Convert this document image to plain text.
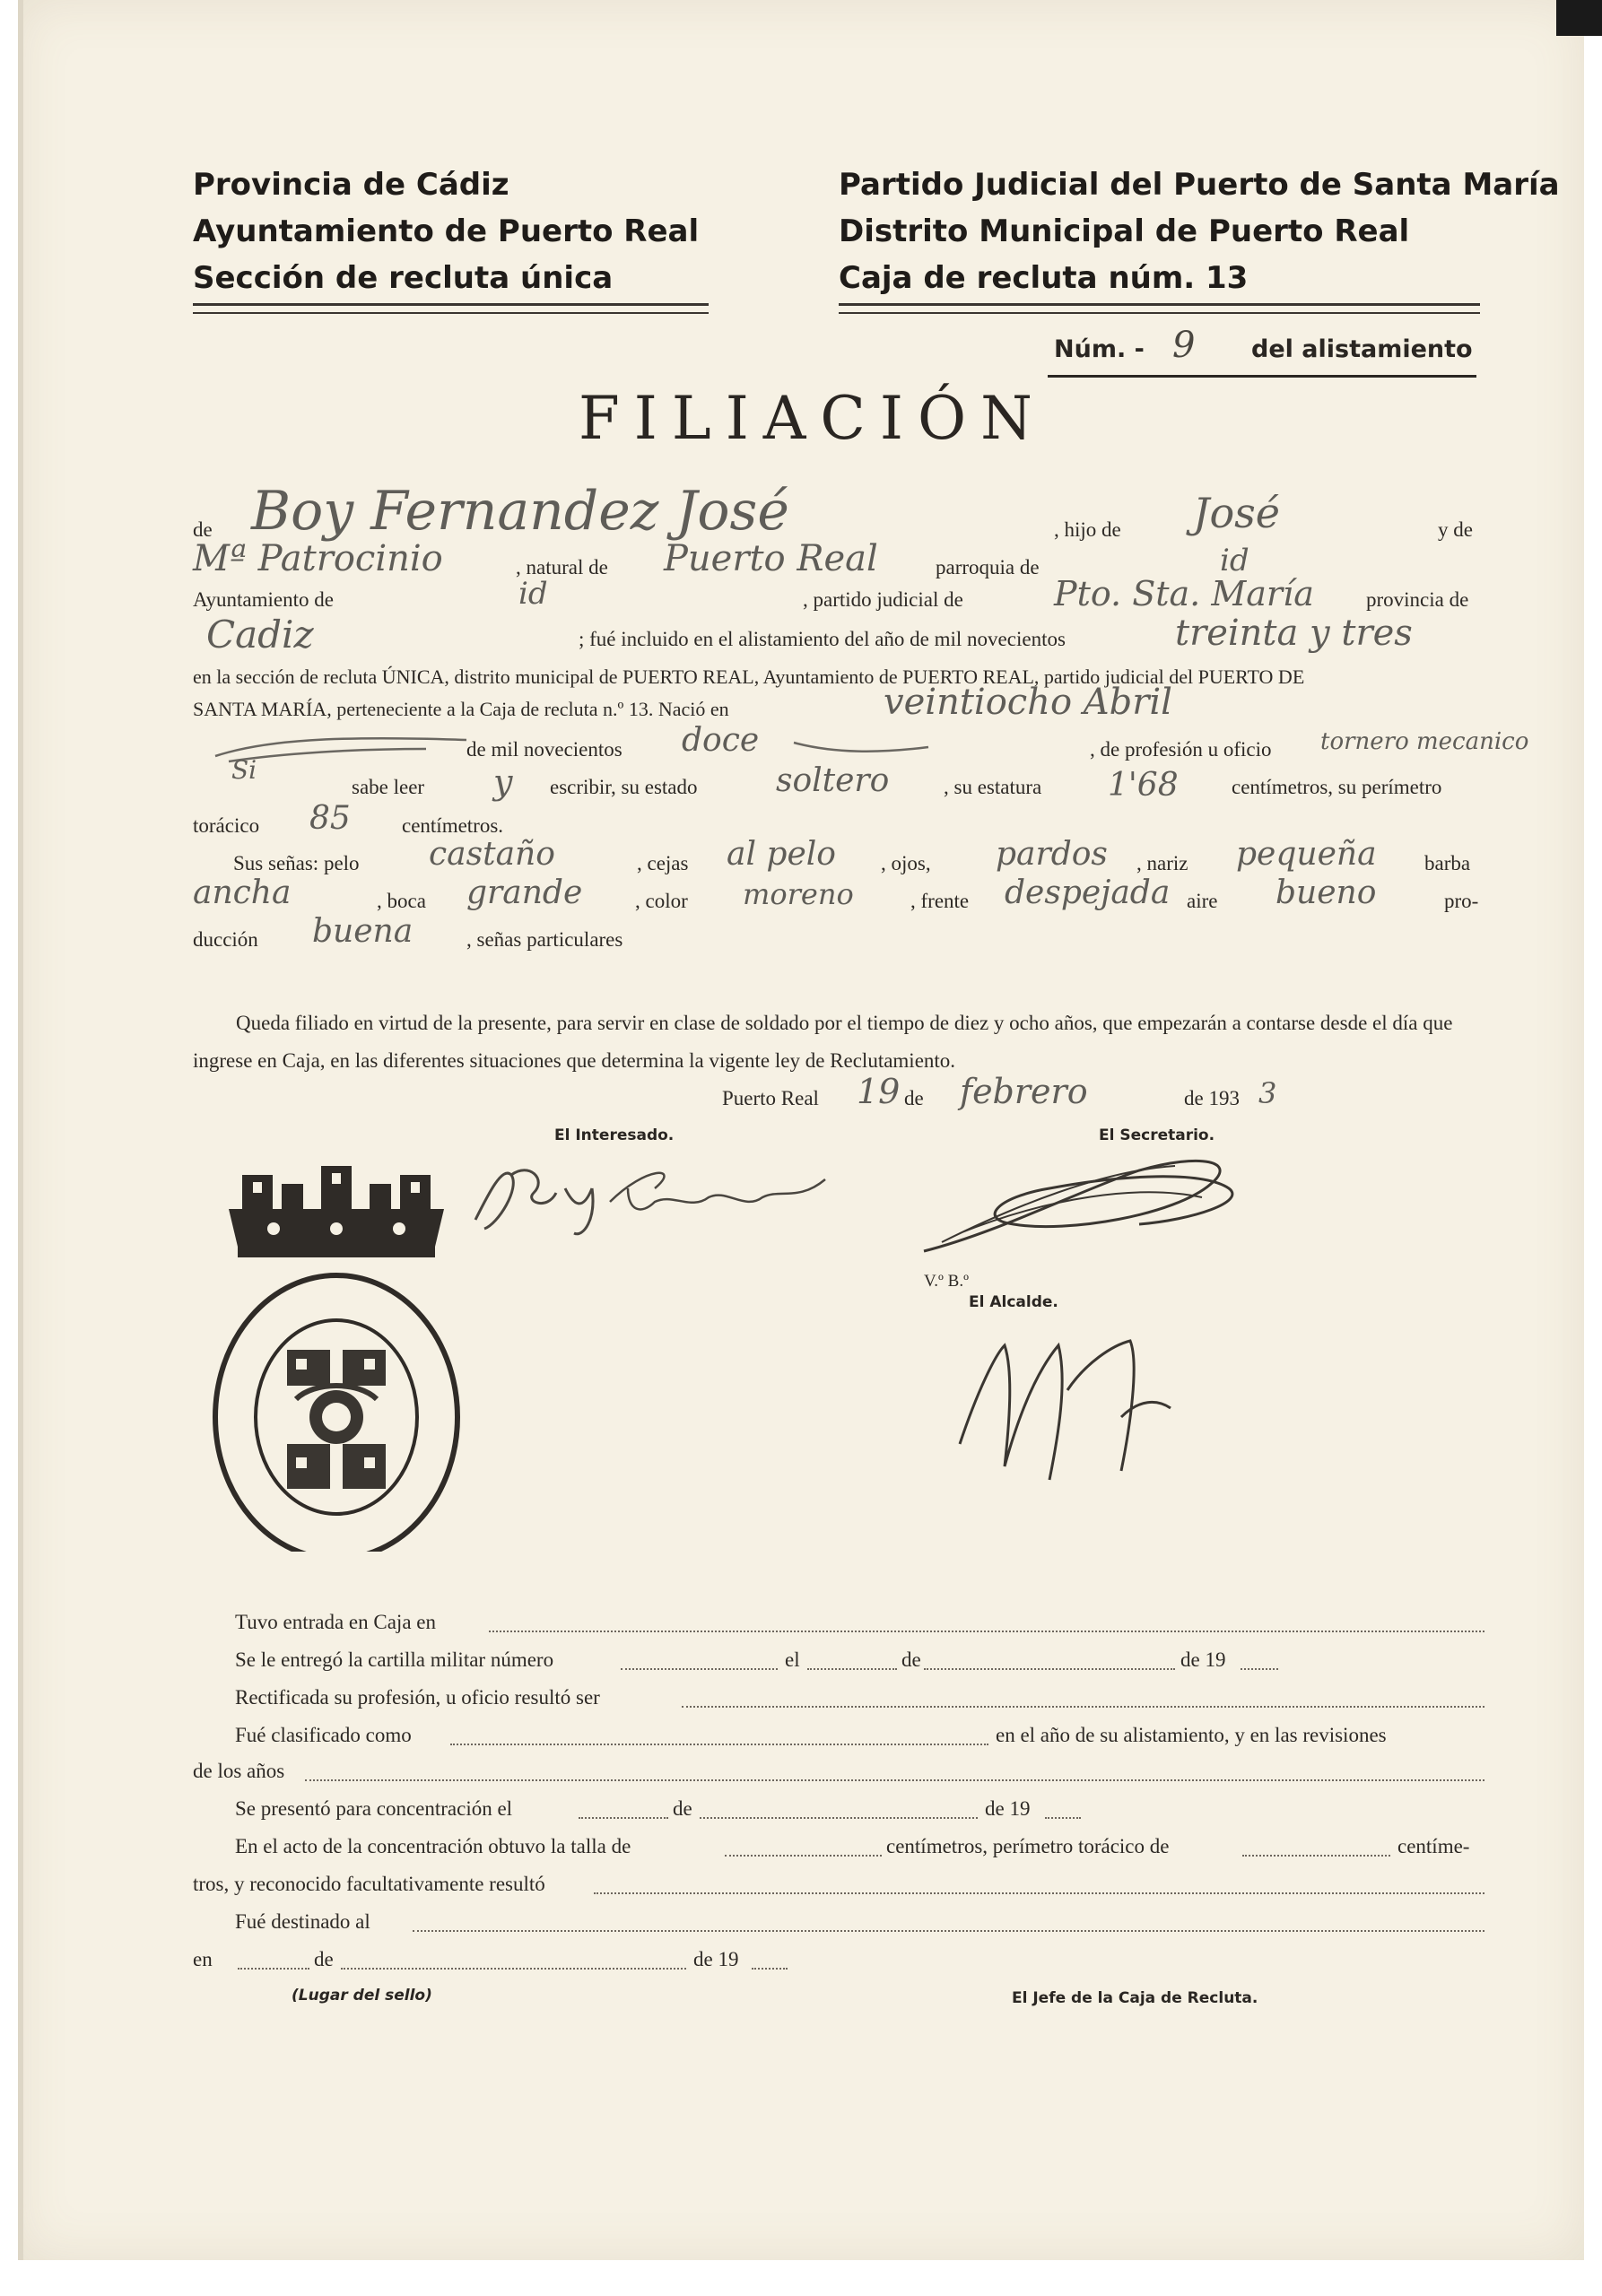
Provincia de Cádiz
Ayuntamiento de Puerto Real
Sección de recluta única
Partido Judicial del Puerto de Santa María
Distrito Municipal de Puerto Real
Caja de recluta núm. 13
Núm. - 9 del alistamiento
FILIACIÓN
de Boy Fernandez José	, hijo de José	y de
Mª Patrocinio	, natural de Puerto Real	parroquia de	id
Ayuntamiento de	id	, partido judicial de	Pto. Sta. María	provincia de
Cadiz	; fué incluido en el alistamiento del año de mil novecientos	treinta y tres
en la sección de recluta ÚNICA, distrito municipal de PUERTO REAL, Ayuntamiento de PUERTO REAL, partido judicial del PUERTO DE
SANTA MARÍA, perteneciente a la Caja de recluta n.º 13. Nació en	veintiocho Abril
de mil novecientos doce	, de profesión u oficio tornero mecanico
Si
sabe leer y escribir, su estado soltero	, su estatura 1'68	centímetros, su perímetro
torácico 85 centímetros.
Sus señas: pelo castaño	, cejas al pelo , ojos, pardos , nariz pequeña barba
ancha	, boca grande	, color moreno	, frente despejada aire bueno	pro-
ducción buena	, señas particulares
Queda filiado en virtud de la presente, para servir en clase de soldado por el tiempo de diez y ocho años, que empezarán a contarse desde el día que ingrese en Caja, en las diferentes situaciones que determina la vigente ley de Reclutamiento.
Puerto Real 19 de febrero	de 193 3
El Interesado.	El Secretario.
V.º B.º
El Alcalde.
Tuvo entrada en Caja en
Se le entregó la cartilla militar número	el	de	de 19
Rectificada su profesión, u oficio resultó ser
Fué clasificado como	en el año de su alistamiento, y en las revisiones
de los años
Se presentó para concentración el	de	de 19
En el acto de la concentración obtuvo la talla de	centímetros, perímetro torácico de	centíme-
tros, y reconocido facultativamente resultó
Fué destinado al
en	de	de 19
(Lugar del sello)	El Jefe de la Caja de Recluta.
